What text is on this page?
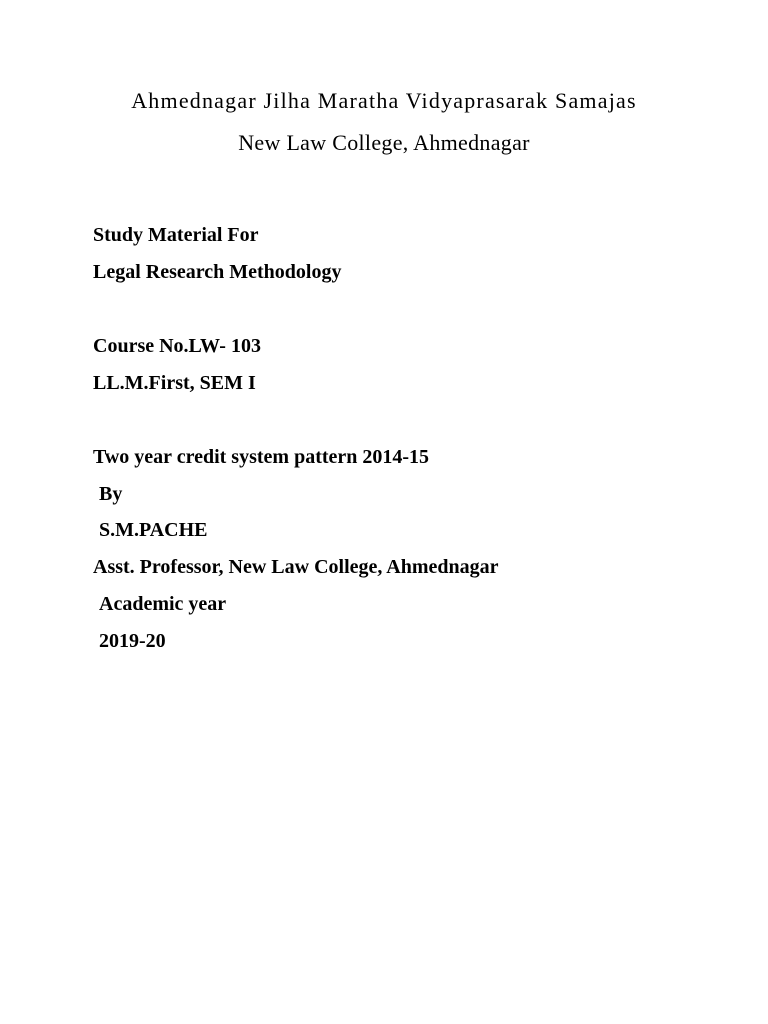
Ahmednagar Jilha Maratha Vidyaprasarak Samajas
New Law College, Ahmednagar
Study Material For
Legal Research Methodology
Course No.LW- 103
LL.M.First, SEM I
Two year credit system pattern 2014-15
By
S.M.PACHE
Asst. Professor, New Law College, Ahmednagar
Academic year
2019-20
